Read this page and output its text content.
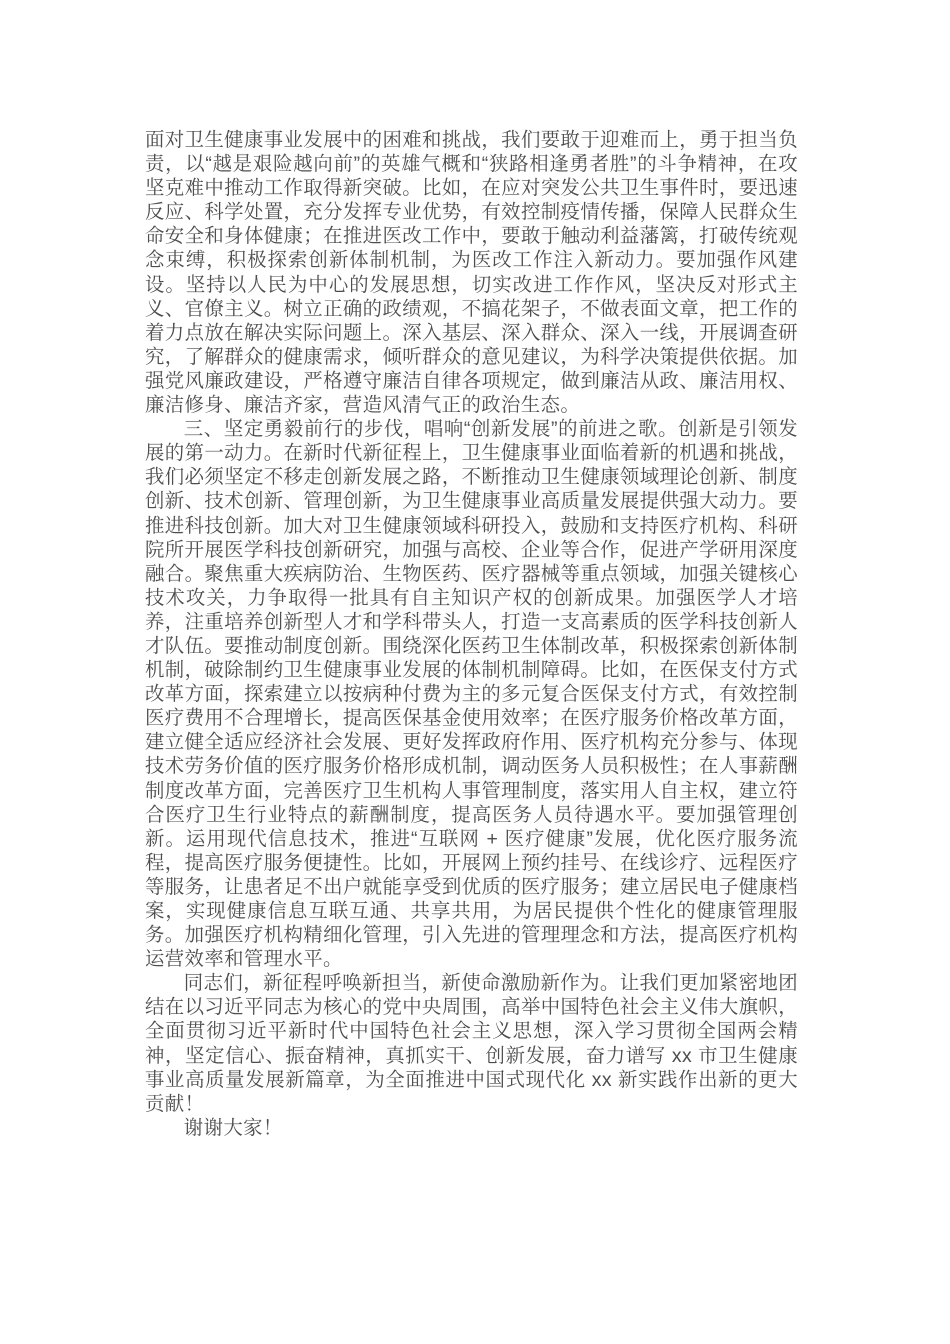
面对卫生健康事业发展中的困难和挑战，我们要敢于迎难而上，勇于担当负责，以“越是艰险越向前”的英雄气概和“狭路相逢勇者胜”的斗争精神，在攻坚克难中推动工作取得新突破。比如，在应对突发公共卫生事件时，要迅速反应、科学处置，充分发挥专业优势，有效控制疫情传播，保障人民群众生命安全和身体健康；在推进医改工作中，要敢于触动利益藩篱，打破传统观念束缚，积极探索创新体制机制，为医改工作注入新动力。要加强作风建设。坚持以人民为中心的发展思想，切实改进工作作风，坚决反对形式主义、官僚主义。树立正确的政绩观，不搞花架子，不做表面文章，把工作的着力点放在解决实际问题上。深入基层、深入群众、深入一线，开展调查研究，了解群众的健康需求，倾听群众的意见建议，为科学决策提供依据。加强党风廉政建设，严格遵守廉洁自律各项规定，做到廉洁从政、廉洁用权、廉洁修身、廉洁齐家，营造风清气正的政治生态。

三、坚定勇毅前行的步伐，唱响“创新发展”的前进之歌。创新是引领发展的第一动力。在新时代新征程上，卫生健康事业面临着新的机遇和挑战，我们必须坚定不移走创新发展之路，不断推动卫生健康领域理论创新、制度创新、技术创新、管理创新，为卫生健康事业高质量发展提供强大动力。要推进科技创新。加大对卫生健康领域科研投入，鼓励和支持医疗机构、科研院所开展医学科技创新研究，加强与高校、企业等合作，促进产学研用深度融合。聚焦重大疾病防治、生物医药、医疗器械等重点领域，加强关键核心技术攻关，力争取得一批具有自主知识产权的创新成果。加强医学人才培养，注重培养创新型人才和学科带头人，打造一支高素质的医学科技创新人才队伍。要推动制度创新。围绕深化医药卫生体制改革，积极探索创新体制机制，破除制约卫生健康事业发展的体制机制障碍。比如，在医保支付方式改革方面，探索建立以按病种付费为主的多元复合医保支付方式，有效控制医疗费用不合理增长，提高医保基金使用效率；在医疗服务价格改革方面，建立健全适应经济社会发展、更好发挥政府作用、医疗机构充分参与、体现技术劳务价值的医疗服务价格形成机制，调动医务人员积极性；在人事薪酬制度改革方面，完善医疗卫生机构人事管理制度，落实用人自主权，建立符合医疗卫生行业特点的薪酬制度，提高医务人员待遇水平。要加强管理创新。运用现代信息技术，推进“互联网 + 医疗健康”发展，优化医疗服务流程，提高医疗服务便捷性。比如，开展网上预约挂号、在线诊疗、远程医疗等服务，让患者足不出户就能享受到优质的医疗服务；建立居民电子健康档案，实现健康信息互联互通、共享共用，为居民提供个性化的健康管理服务。加强医疗机构精细化管理，引入先进的管理理念和方法，提高医疗机构运营效率和管理水平。

同志们，新征程呼唤新担当，新使命激励新作为。让我们更加紧密地团结在以习近平同志为核心的党中央周围，高举中国特色社会主义伟大旗帜，全面贯彻习近平新时代中国特色社会主义思想，深入学习贯彻全国两会精神，坚定信心、振奋精神，真抓实干、创新发展，奋力谱写 xx 市卫生健康事业高质量发展新篇章，为全面推进中国式现代化 xx 新实践作出新的更大贡献！

谢谢大家！
